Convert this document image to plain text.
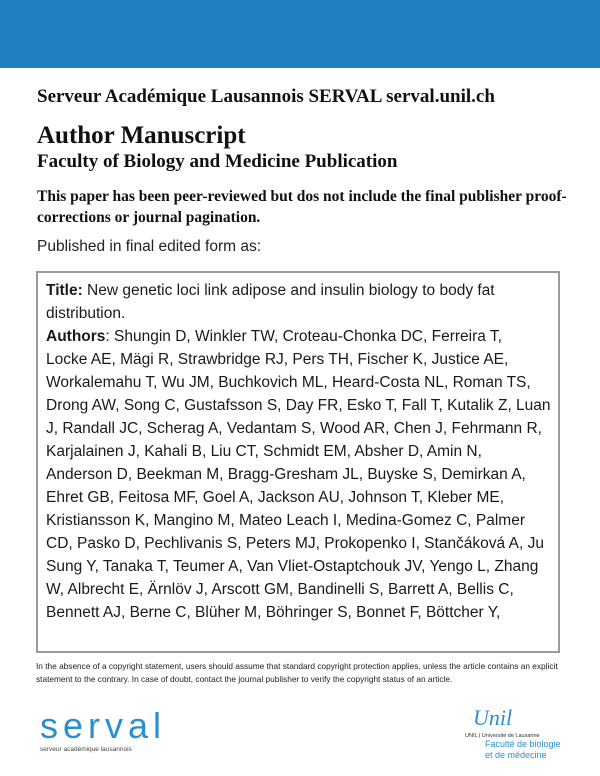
Serveur Académique Lausannois SERVAL serval.unil.ch
Author Manuscript
Faculty of Biology and Medicine Publication
This paper has been peer-reviewed but dos not include the final publisher proof-corrections or journal pagination.
Published in final edited form as:
Title: New genetic loci link adipose and insulin biology to body fat
distribution.
Authors: Shungin D, Winkler TW, Croteau-Chonka DC, Ferreira T,
Locke AE, Mägi R, Strawbridge RJ, Pers TH, Fischer K, Justice AE,
Workalemahu T, Wu JM, Buchkovich ML, Heard-Costa NL, Roman TS,
Drong AW, Song C, Gustafsson S, Day FR, Esko T, Fall T, Kutalik Z, Luan
J, Randall JC, Scherag A, Vedantam S, Wood AR, Chen J, Fehrmann R,
Karjalainen J, Kahali B, Liu CT, Schmidt EM, Absher D, Amin N,
Anderson D, Beekman M, Bragg-Gresham JL, Buyske S, Demirkan A,
Ehret GB, Feitosa MF, Goel A, Jackson AU, Johnson T, Kleber ME,
Kristiansson K, Mangino M, Mateo Leach I, Medina-Gomez C, Palmer
CD, Pasko D, Pechlivanis S, Peters MJ, Prokopenko I, Stančáková A, Ju
Sung Y, Tanaka T, Teumer A, Van Vliet-Ostaptchouk JV, Yengo L, Zhang
W, Albrecht E, Ärnlöv J, Arscott GM, Bandinelli S, Barrett A, Bellis C,
Bennett AJ, Berne C, Blüher M, Böhringer S, Bonnet F, Böttcher Y,
In the absence of a copyright statement, users should assume that standard copyright protection applies, unless the article contains an explicit statement to the contrary. In case of doubt, contact the journal publisher to verify the copyright status of an article.
serval
serveur académique lausannois
Unil
UNIL | Université de Lausanne
Faculté de biologie
et de médecine
